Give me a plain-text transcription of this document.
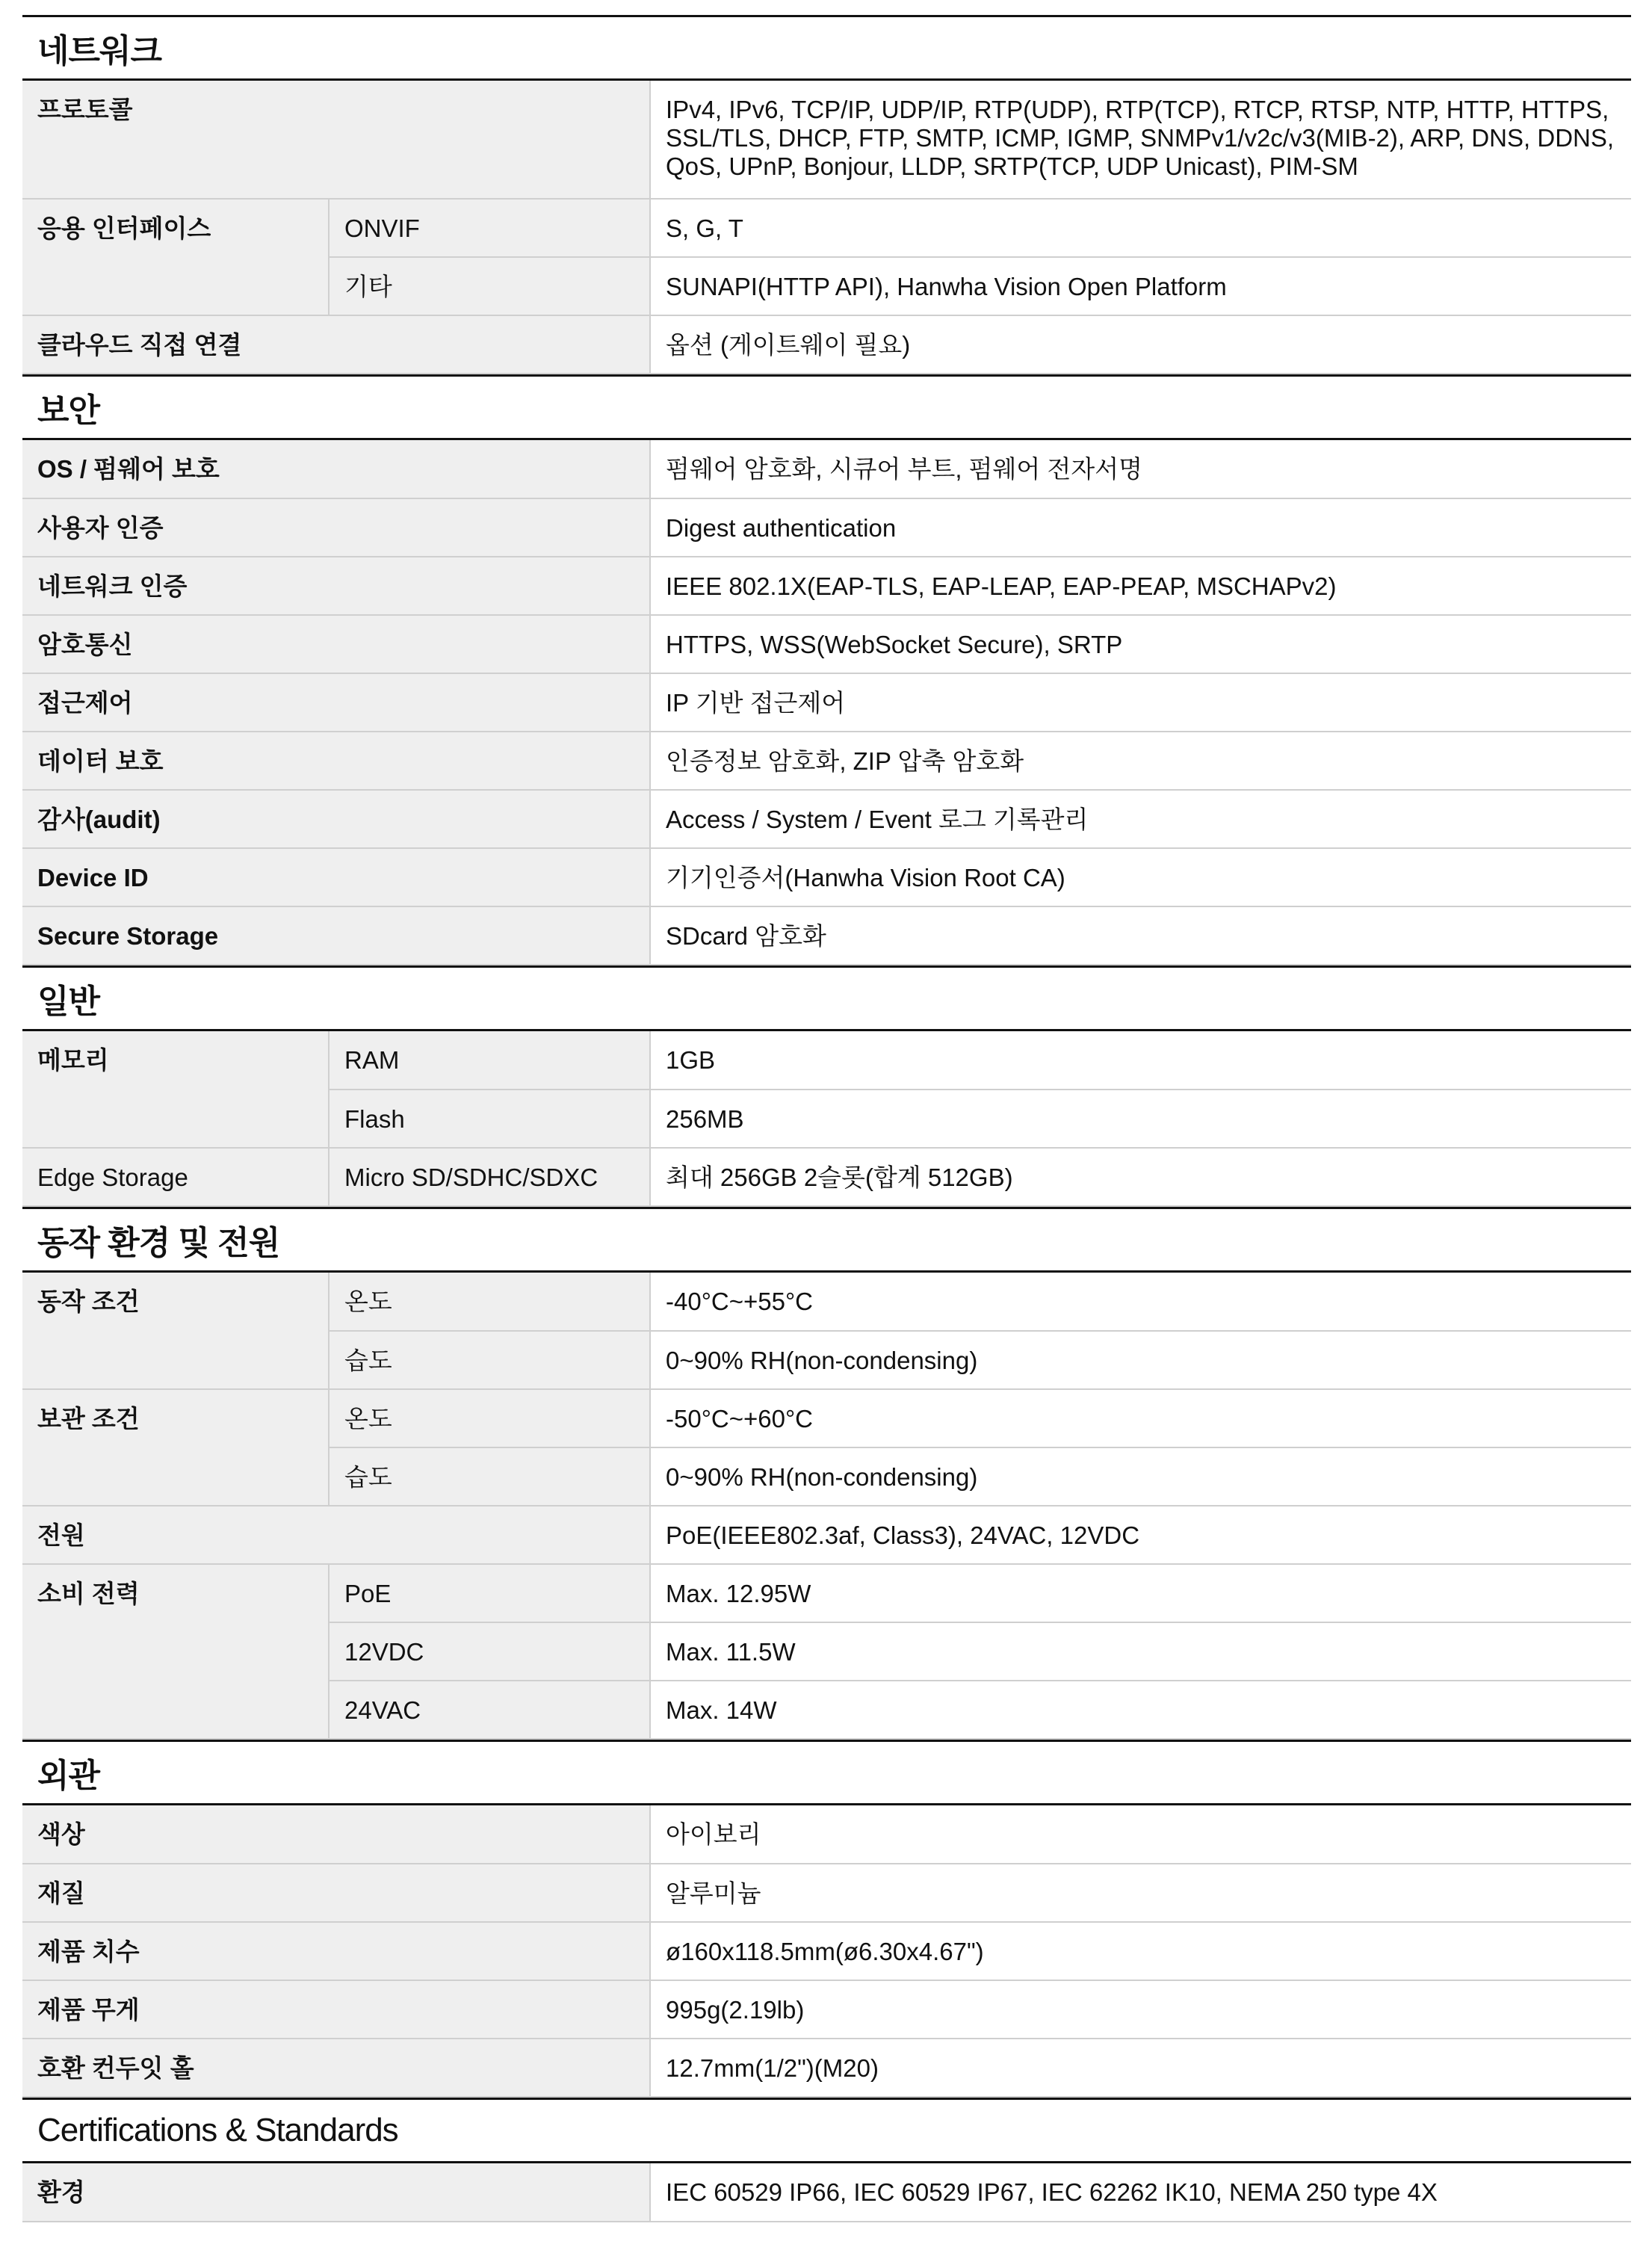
네트워크
프로토콜		IPv4, IPv6, TCP/IP, UDP/IP, RTP(UDP), RTP(TCP), RTCP, RTSP, NTP, HTTP, HTTPS, SSL/TLS, DHCP, FTP, SMTP, ICMP, IGMP, SNMPv1/v2c/v3(MIB-2), ARP, DNS, DDNS, QoS, UPnP, Bonjour, LLDP, SRTP(TCP, UDP Unicast), PIM-SM
응용 인터페이스	ONVIF	S, G, T
	기타	SUNAPI(HTTP API), Hanwha Vision Open Platform
클라우드 직접 연결		옵션 (게이트웨이 필요)
보안
OS / 펌웨어 보호	펌웨어 암호화, 시큐어 부트, 펌웨어 전자서명
사용자 인증	Digest authentication
네트워크 인증	IEEE 802.1X(EAP-TLS, EAP-LEAP, EAP-PEAP, MSCHAPv2)
암호통신	HTTPS, WSS(WebSocket Secure), SRTP
접근제어	IP 기반 접근제어
데이터 보호	인증정보 암호화, ZIP 압축 암호화
감사(audit)	Access / System / Event 로그 기록관리
Device ID	기기인증서(Hanwha Vision Root CA)
Secure Storage	SDcard 암호화
일반
메모리	RAM	1GB
	Flash	256MB
Edge Storage	Micro SD/SDHC/SDXC	최대 256GB 2슬롯(합계 512GB)
동작 환경 및 전원
동작 조건	온도	-40°C~+55°C
	습도	0~90% RH(non-condensing)
보관 조건	온도	-50°C~+60°C
	습도	0~90% RH(non-condensing)
전원		PoE(IEEE802.3af, Class3), 24VAC, 12VDC
소비 전력	PoE	Max. 12.95W
	12VDC	Max. 11.5W
	24VAC	Max. 14W
외관
색상	아이보리
재질	알루미늄
제품 치수	ø160x118.5mm(ø6.30x4.67")
제품 무게	995g(2.19lb)
호환 컨두잇 홀	12.7mm(1/2")(M20)
Certifications & Standards
환경	IEC 60529 IP66, IEC 60529 IP67, IEC 62262 IK10, NEMA 250 type 4X
